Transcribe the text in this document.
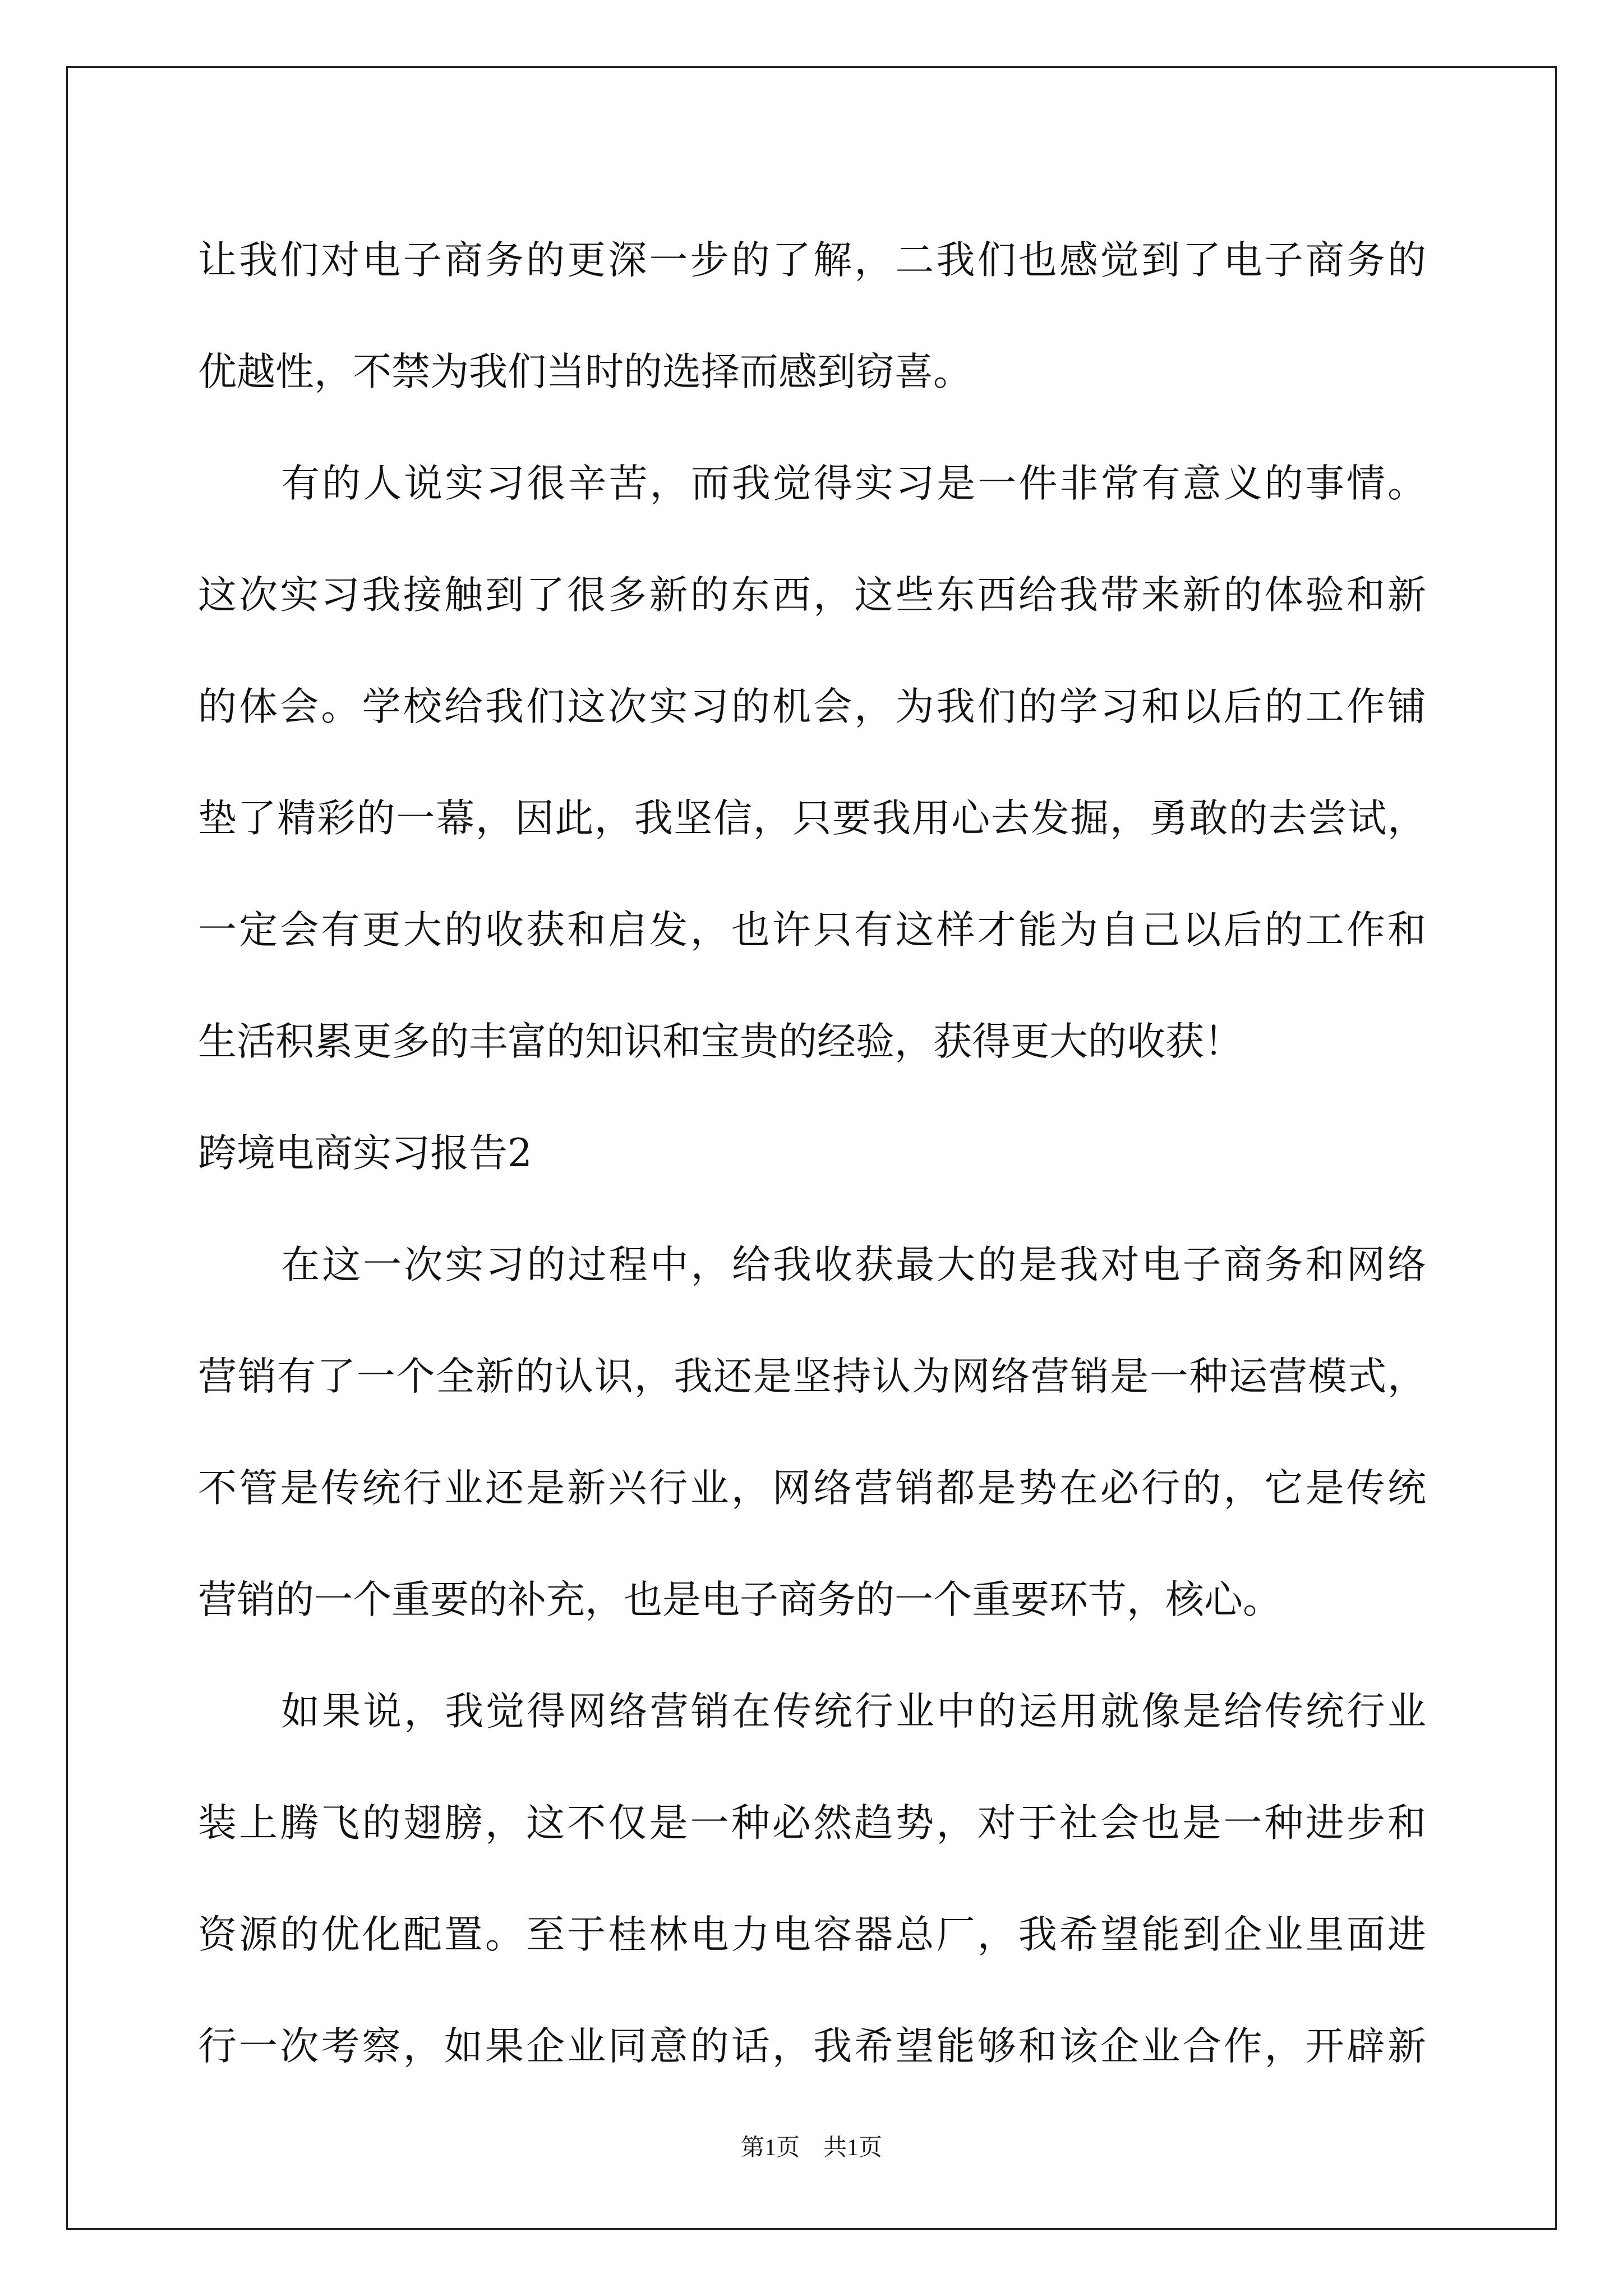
让我们对电子商务的更深一步的了解，二我们也感觉到了电子商务的
优越性，不禁为我们当时的选择而感到窃喜。
有的人说实习很辛苦，而我觉得实习是一件非常有意义的事情。
这次实习我接触到了很多新的东西，这些东西给我带来新的体验和新
的体会。学校给我们这次实习的机会，为我们的学习和以后的工作铺
垫了精彩的一幕，因此，我坚信，只要我用心去发掘，勇敢的去尝试，
一定会有更大的收获和启发，也许只有这样才能为自己以后的工作和
生活积累更多的丰富的知识和宝贵的经验，获得更大的收获！
跨境电商实习报告2
在这一次实习的过程中，给我收获最大的是我对电子商务和网络
营销有了一个全新的认识，我还是坚持认为网络营销是一种运营模式，
不管是传统行业还是新兴行业，网络营销都是势在必行的，它是传统
营销的一个重要的补充，也是电子商务的一个重要环节，核心。
如果说，我觉得网络营销在传统行业中的运用就像是给传统行业
装上腾飞的翅膀，这不仅是一种必然趋势，对于社会也是一种进步和
资源的优化配置。至于桂林电力电容器总厂，我希望能到企业里面进
行一次考察，如果企业同意的话，我希望能够和该企业合作，开辟新
第1页　共1页
